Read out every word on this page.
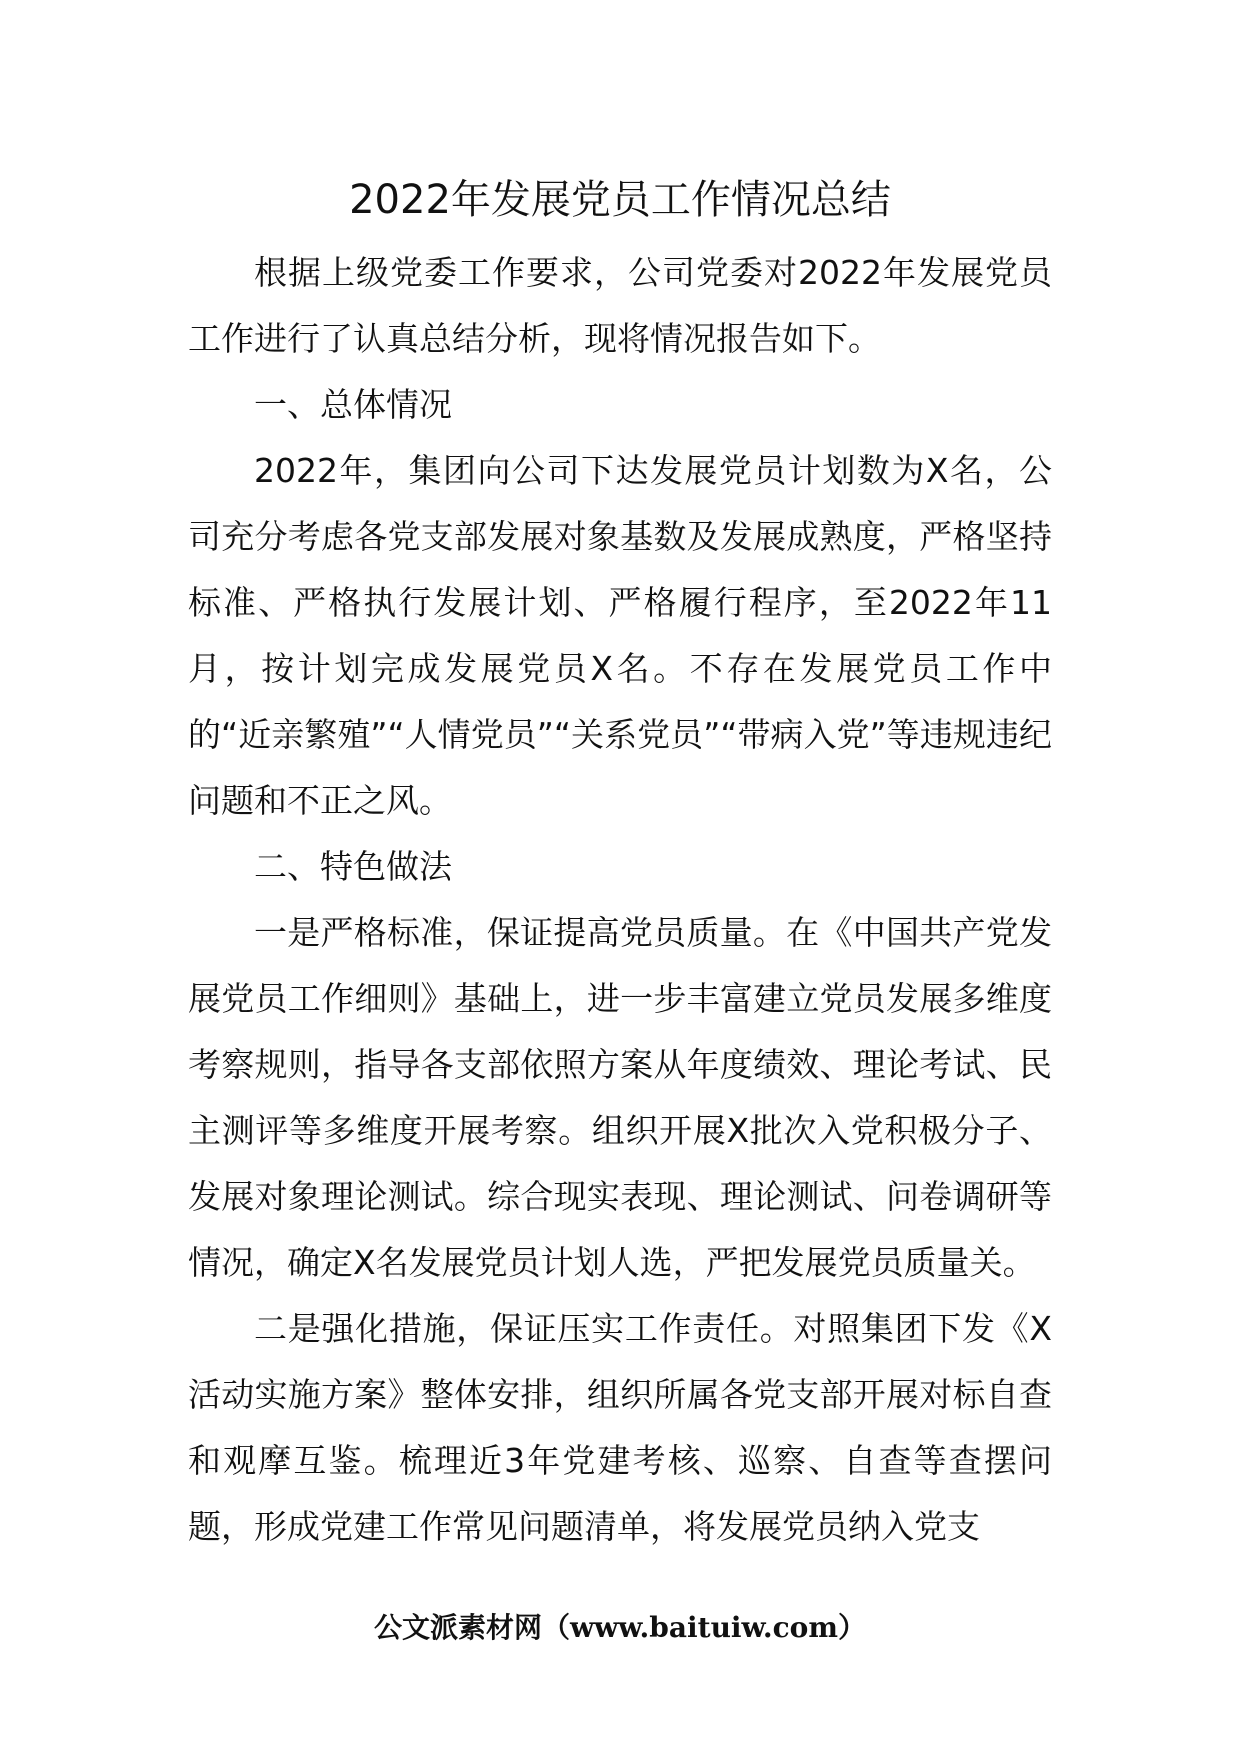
2022年发展党员工作情况总结

根据上级党委工作要求，公司党委对2022年发展党员工作进行了认真总结分析，现将情况报告如下。

一、总体情况

2022年，集团向公司下达发展党员计划数为X名，公司充分考虑各党支部发展对象基数及发展成熟度，严格坚持标准、严格执行发展计划、严格履行程序，至2022年11月，按计划完成发展党员X名。不存在发展党员工作中的“近亲繁殖”“人情党员”“关系党员”“带病入党”等违规违纪问题和不正之风。

二、特色做法

一是严格标准，保证提高党员质量。在《中国共产党发展党员工作细则》基础上，进一步丰富建立党员发展多维度考察规则，指导各支部依照方案从年度绩效、理论考试、民主测评等多维度开展考察。组织开展X批次入党积极分子、发展对象理论测试。综合现实表现、理论测试、问卷调研等情况，确定X名发展党员计划人选，严把发展党员质量关。

二是强化措施，保证压实工作责任。对照集团下发《X活动实施方案》整体安排，组织所属各党支部开展对标自查和观摩互鉴。梳理近3年党建考核、巡察、自查等查摆问题，形成党建工作常见问题清单，将发展党员纳入党支

公文派素材网（www.baituiw.com）
